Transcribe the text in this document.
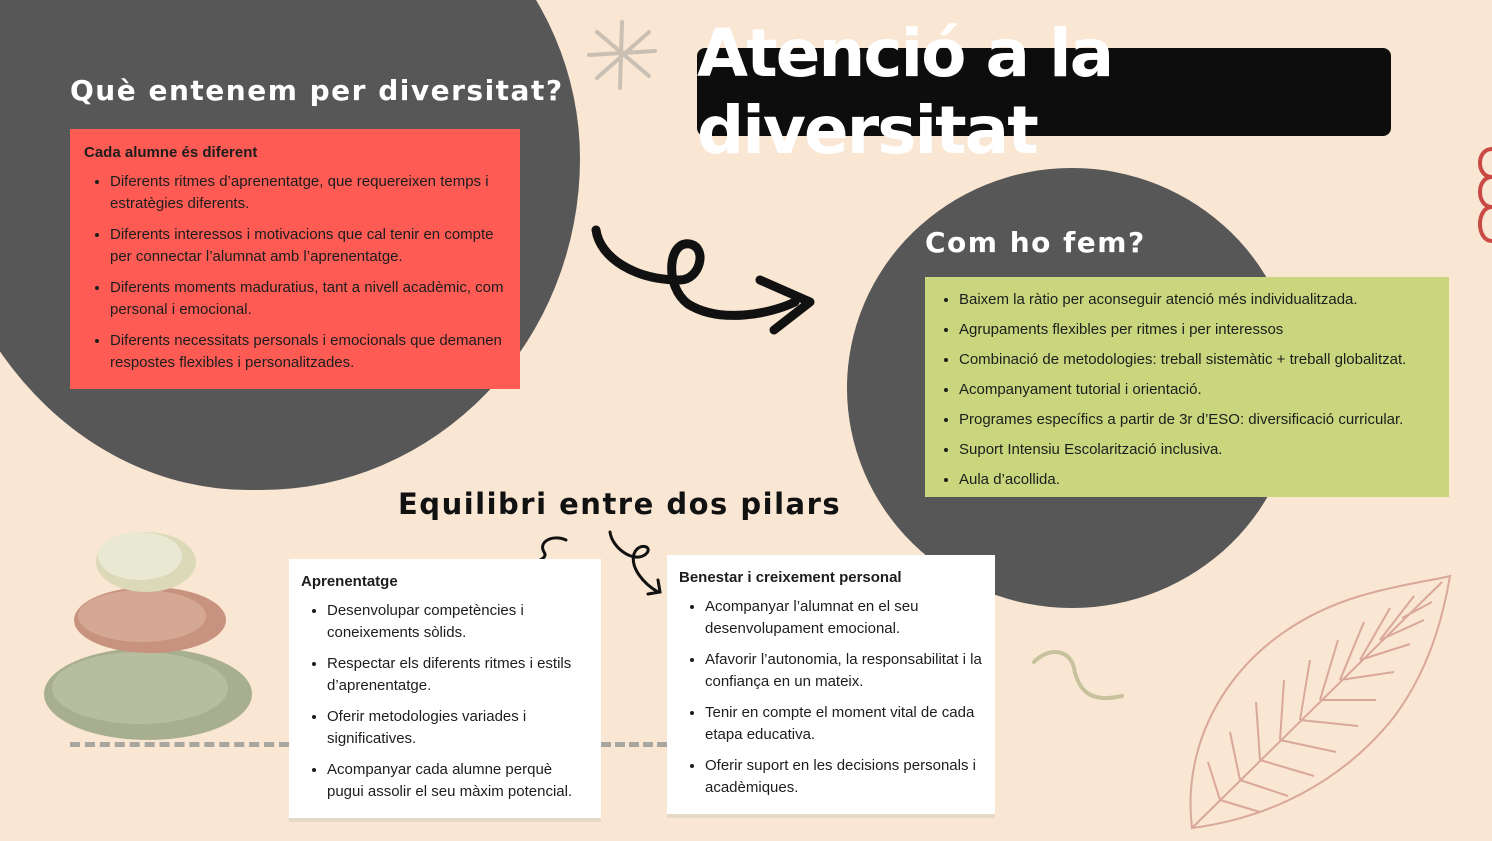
Atenció a la diversitat
Què entenem per diversitat?
Cada alumne és diferent
• Diferents ritmes d’aprenentatge, que requereixen temps i estratègies diferents.
• Diferents interessos i motivacions que cal tenir en compte per connectar l’alumnat amb l’aprenentatge.
• Diferents moments maduratius, tant a nivell acadèmic, com personal i emocional.
• Diferents necessitats personals i emocionals que demanen respostes flexibles i personalitzades.
Com ho fem?
• Baixem la ràtio per aconseguir atenció més individualitzada.
• Agrupaments flexibles per ritmes i per interessos
• Combinació de metodologies: treball sistemàtic + treball globalitzat.
• Acompanyament tutorial i orientació.
• Programes específics a partir de 3r d’ESO: diversificació curricular.
• Suport Intensiu Escolarització inclusiva.
• Aula d’acollida.
Equilibri entre dos pilars
Aprenentatge
• Desenvolupar competències i coneixements sòlids.
• Respectar els diferents ritmes i estils d’aprenentatge.
• Oferir metodologies variades i significatives.
• Acompanyar cada alumne perquè pugui assolir el seu màxim potencial.
Benestar i creixement personal
• Acompanyar l’alumnat en el seu desenvolupament emocional.
• Afavorir l’autonomia, la responsabilitat i la confiança en un mateix.
• Tenir en compte el moment vital de cada etapa educativa.
• Oferir suport en les decisions personals i acadèmiques.
